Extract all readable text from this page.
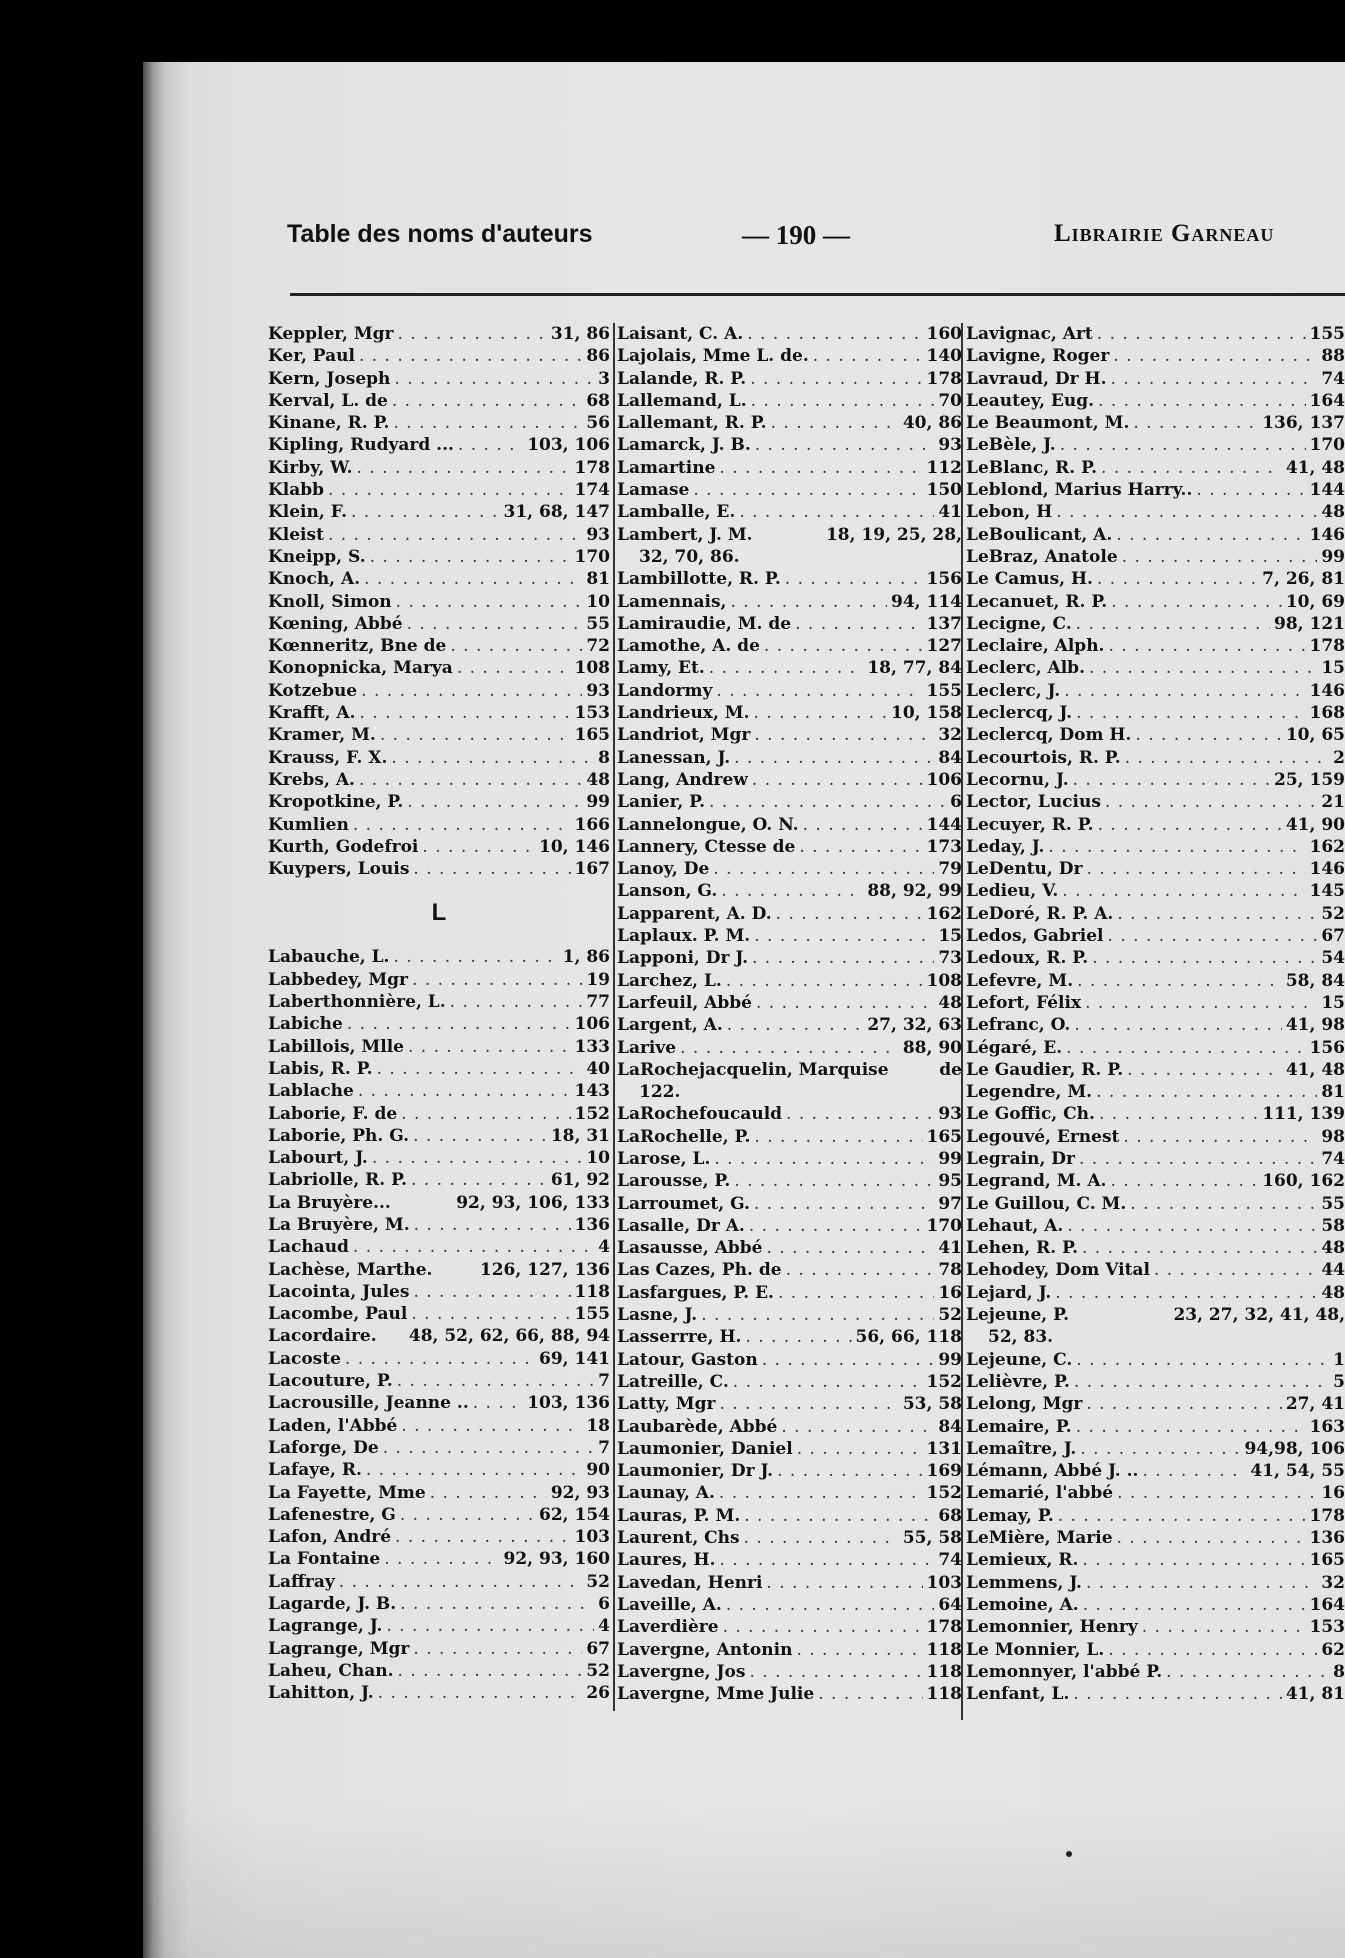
Table des noms d'auteurs	— 190 —	Librairie Garneau
Keppler, Mgr . . .	31, 86
Ker, Paul . . .	86
Kern, Joseph . . .	3
Kerval, L. de . . .	68
Kinane, R. P. . . .	56
Kipling, Rudyard ... . . .	103, 106
Kirby, W. . . .	178
Klabb . . .	174
Klein, F. . . .	31, 68, 147
Kleist . . .	93
Kneipp, S. . . .	170
Knoch, A. . . .	81
Knoll, Simon . . .	10
Kœning, Abbé . . .	55
Kœnneritz, Bne de . . .	72
Konopnicka, Marya . . .	108
Kotzebue . . .	93
Krafft, A. . . .	153
Kramer, M. . . .	165
Krauss, F. X. . . .	8
Krebs, A. . . .	48
Kropotkine, P. . . .	99
Kumlien . . .	166
Kurth, Godefroi . . .	10, 146
Kuypers, Louis . . .	167
L
Labauche, L. . . .	1, 86
Labbedey, Mgr . . .	19
Laberthonnière, L. . . .	77
Labiche . . .	106
Labillois, Mlle . . .	133
Labis, R. P. . . .	40
Lablache . . .	143
Laborie, F. de . . .	152
Laborie, Ph. G. . . .	18, 31
Labourt, J. . . .	10
Labriolle, R. P. . . .	61, 92
La Bruyère...	92, 93, 106, 133
La Bruyère, M. . . .	136
Lachaud . . .	4
Lachèse, Marthe.	126, 127, 136
Lacointa, Jules . . .	118
Lacombe, Paul . . .	155
Lacordaire. 48, 52, 62, 66, 88, 94
Lacoste . . .	69, 141
Lacouture, P. . . .	7
Lacrousille, Jeanne .. . . .	103, 136
Laden, l'Abbé . . .	18
Laforge, De . . .	7
Lafaye, R. . . .	90
La Fayette, Mme . . .	92, 93
Lafenestre, G . . .	62, 154
Lafon, André . . .	103
La Fontaine . . .	92, 93, 160
Laffray . . .	52
Lagarde, J. B. . . .	6
Lagrange, J. . . .	4
Lagrange, Mgr . . .	67
Laheu, Chan. . . .	52
Lahitton, J. . . .	26
Laisant, C. A. . . .	160
Lajolais, Mme L. de. . . .	140
Lalande, R. P. . . .	178
Lallemand, L. . . .	70
Lallemant, R. P. . . .	40, 86
Lamarck, J. B. . . .	93
Lamartine . . .	112
Lamase . . .	150
Lamballe, E. . . .	41
Lambert, J. M.	18, 19, 25, 28,
32, 70, 86.
Lambillotte, R. P. . . .	156
Lamennais, . . .	94, 114
Lamiraudie, M. de . . .	137
Lamothe, A. de . . .	127
Lamy, Et. . . .	18, 77, 84
Landormy . . .	155
Landrieux, M. . . .	10, 158
Landriot, Mgr . . .	32
Lanessan, J. . . .	84
Lang, Andrew . . .	106
Lanier, P. . . .	6
Lannelongue, O. N. . . .	144
Lannery, Ctesse de . . .	173
Lanoy, De . . .	79
Lanson, G. . . .	88, 92, 99
Lapparent, A. D. . . .	162
Laplaux. P. M. . . .	15
Lapponi, Dr J. . . .	73
Larchez, L. . . .	108
Larfeuil, Abbé . . .	48
Largent, A. . . .	27, 32, 63
Larive . . .	88, 90
LaRochejacquelin, Marquise	de
122.
LaRochefoucauld . . .	93
LaRochelle, P. . . .	165
Larose, L. . . .	99
Larousse, P. . . .	95
Larroumet, G. . . .	97
Lasalle, Dr A. . . .	170
Lasausse, Abbé . . .	41
Las Cazes, Ph. de . . .	78
Lasfargues, P. E. . . .	16
Lasne, J. . . .	52
Lasserrre, H. . . .	56, 66, 118
Latour, Gaston . . .	99
Latreille, C. . . .	152
Latty, Mgr . . .	53, 58
Laubarède, Abbé . . .	84
Laumonier, Daniel . . .	131
Laumonier, Dr J. . . .	169
Launay, A. . . .	152
Lauras, P. M. . . .	68
Laurent, Chs . . .	55, 58
Laures, H. . . .	74
Lavedan, Henri . . .	103
Laveille, A. . . .	64
Laverdière . . .	178
Lavergne, Antonin . . .	118
Lavergne, Jos . . .	118
Lavergne, Mme Julie . . .	118
Lavignac, Art . . .	155
Lavigne, Roger . . .	88
Lavraud, Dr H. . . .	74
Leautey, Eug. . . .	164
Le Beaumont, M. . . .	136, 137
LeBèle, J. . . .	170
LeBlanc, R. P. . . .	41, 48
Leblond, Marius Harry.. . . .	144
Lebon, H . . .	48
LeBoulicant, A. . . .	146
LeBraz, Anatole . . .	99
Le Camus, H. . . .	7, 26, 81
Lecanuet, R. P. . . .	10, 69
Lecigne, C. . . .	98, 121
Leclaire, Alph. . . .	178
Leclerc, Alb. . . .	15
Leclerc, J. . . .	146
Leclercq, J. . . .	168
Leclercq, Dom H. . . .	10, 65
Lecourtois, R. P. . . .	2
Lecornu, J. . . .	25, 159
Lector, Lucius . . .	21
Lecuyer, R. P. . . .	41, 90
Leday, J. . . .	162
LeDentu, Dr . . .	146
Ledieu, V. . . .	145
LeDoré, R. P. A. . . .	52
Ledos, Gabriel . . .	67
Ledoux, R. P. . . .	54
Lefevre, M. . . .	58, 84
Lefort, Félix . . .	15
Lefranc, O. . . .	41, 98
Légaré, E. . . .	156
Le Gaudier, R. P. . . .	41, 48
Legendre, M. . . .	81
Le Goffic, Ch. . . .	111, 139
Legouvé, Ernest . . .	98
Legrain, Dr . . .	74
Legrand, M. A. . . .	160, 162
Le Guillou, C. M. . . .	55
Lehaut, A. . . .	58
Lehen, R. P. . . .	48
Lehodey, Dom Vital . . .	44
Lejard, J. . . .	48
Lejeune, P.	23, 27, 32, 41, 48,
52, 83.
Lejeune, C. . . .	1
Lelièvre, P. . . .	5
Lelong, Mgr . . .	27, 41
Lemaire, P. . . .	163
Lemaître, J. . . .	94,98, 106
Lémann, Abbé J. .. . . .	41, 54, 55
Lemarié, l'abbé . . .	16
Lemay, P. . . .	178
LeMière, Marie . . .	136
Lemieux, R. . . .	165
Lemmens, J. . . .	32
Lemoine, A. . . .	164
Lemonnier, Henry . . .	153
Le Monnier, L. . . .	62
Lemonnyer, l'abbé P. . . .	8
Lenfant, L. . . .	41, 81
